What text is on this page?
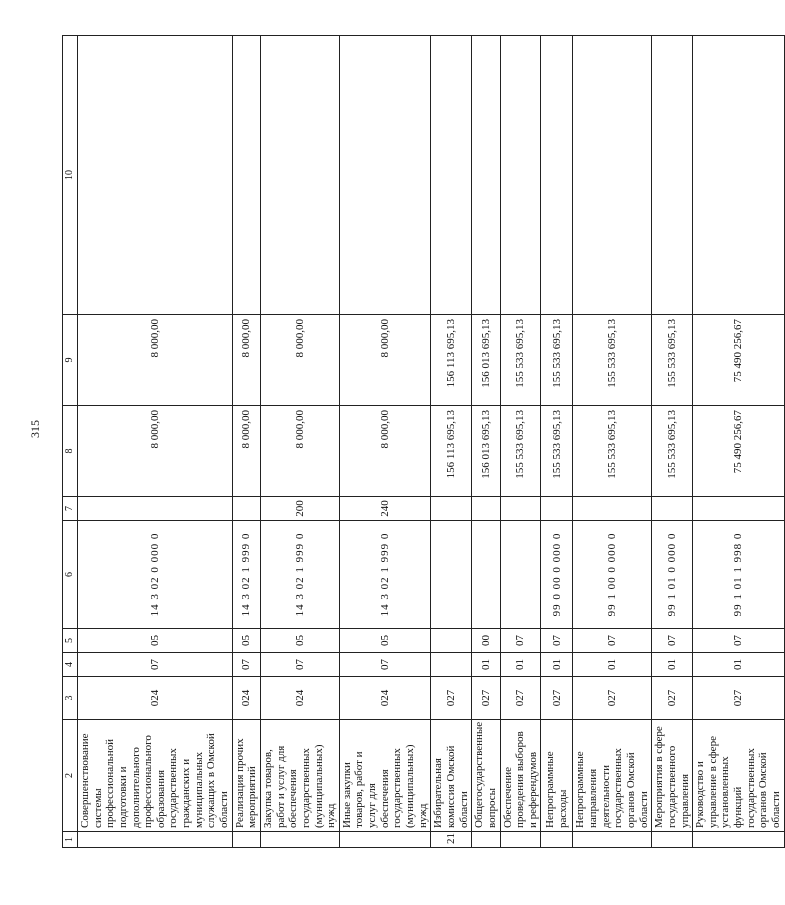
315
1	2	3	4	5	6	7	8	9	10
	Совершенствование системы профессиональной подготовки и дополнительного профессионального образования государственных гражданских и муниципальных служащих в Омской области	024	07	05	14 3 02 0 000 0		8 000,00	8 000,00	
	Реализация прочих мероприятий	024	07	05	14 3 02 1 999 0		8 000,00	8 000,00	
	Закупка товаров, работ и услуг для обеспечения государственных (муниципальных) нужд	024	07	05	14 3 02 1 999 0	200	8 000,00	8 000,00	
	Иные закупки товаров, работ и услуг для обеспечения государственных (муниципальных) нужд	024	07	05	14 3 02 1 999 0	240	8 000,00	8 000,00	
21	Избирательная комиссия Омской области	027					156 113 695,13	156 113 695,13	
	Общегосударственные вопросы	027	01	00			156 013 695,13	156 013 695,13	
	Обеспечение проведения выборов и референдумов	027	01	07			155 533 695,13	155 533 695,13	
	Непрограммные расходы	027	01	07	99 0 00 0 000 0		155 533 695,13	155 533 695,13	
	Непрограммные направления деятельности государственных органов Омской области	027	01	07	99 1 00 0 000 0		155 533 695,13	155 533 695,13	
	Мероприятия в сфере государственного управления	027	01	07	99 1 01 0 000 0		155 533 695,13	155 533 695,13	
	Руководство и управление в сфере установленных функций государственных органов Омской области	027	01	07	99 1 01 1 998 0		75 490 256,67	75 490 256,67	
